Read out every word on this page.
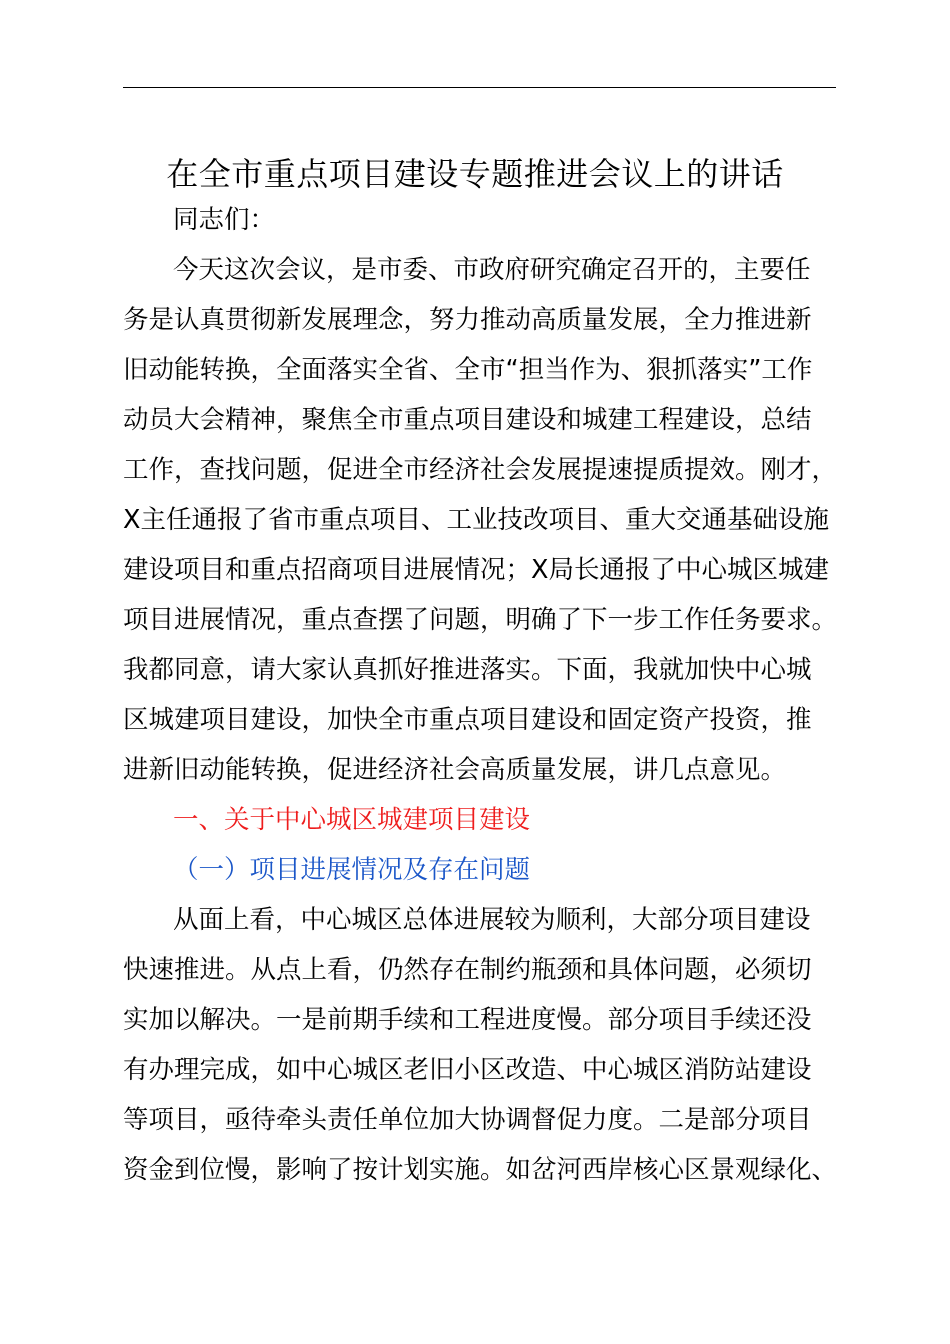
在全市重点项目建设专题推进会议上的讲话

同志们：

今天这次会议，是市委、市政府研究确定召开的，主要任

务是认真贯彻新发展理念，努力推动高质量发展，全力推进新

旧动能转换，全面落实全省、全市“担当作为、狠抓落实”工作

动员大会精神，聚焦全市重点项目建设和城建工程建设，总结

工作，查找问题，促进全市经济社会发展提速提质提效。刚才，

X主任通报了省市重点项目、工业技改项目、重大交通基础设施

建设项目和重点招商项目进展情况；X局长通报了中心城区城建

项目进展情况，重点查摆了问题，明确了下一步工作任务要求。

我都同意，请大家认真抓好推进落实。下面，我就加快中心城

区城建项目建设，加快全市重点项目建设和固定资产投资，推

进新旧动能转换，促进经济社会高质量发展，讲几点意见。

一、关于中心城区城建项目建设

（一）项目进展情况及存在问题

从面上看，中心城区总体进展较为顺利，大部分项目建设

快速推进。从点上看，仍然存在制约瓶颈和具体问题，必须切

实加以解决。一是前期手续和工程进度慢。部分项目手续还没

有办理完成，如中心城区老旧小区改造、中心城区消防站建设

等项目，亟待牵头责任单位加大协调督促力度。二是部分项目

资金到位慢，影响了按计划实施。如岔河西岸核心区景观绿化、
